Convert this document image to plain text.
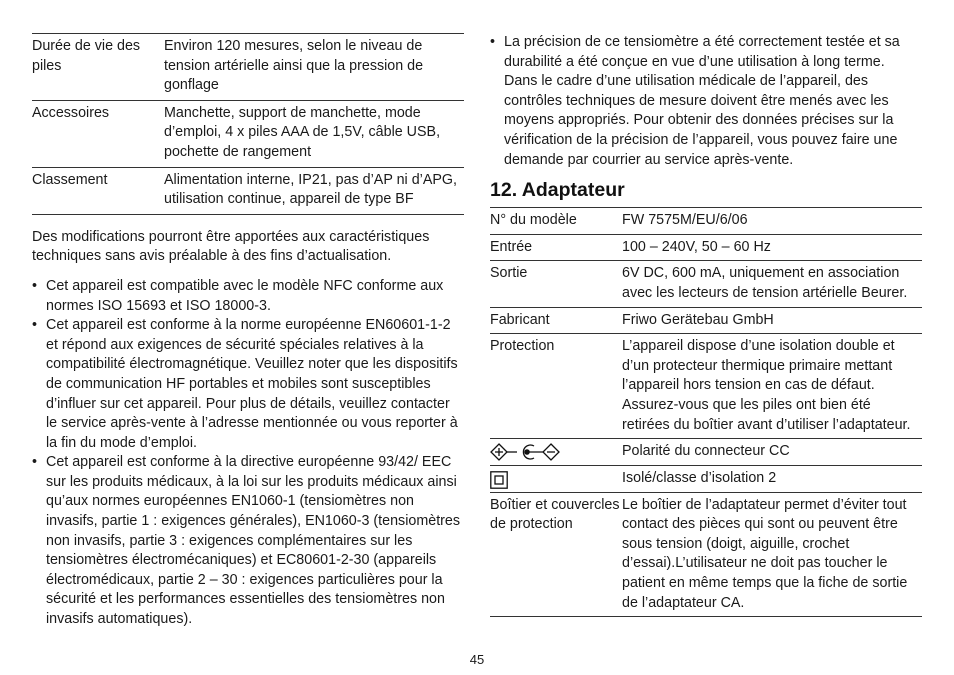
Durée de vie des piles	Environ 120 mesures, selon le niveau de tension artérielle ainsi que la pression de gonflage
Accessoires	Manchette, support de manchette, mode d’emploi, 4 x piles AAA de 1,5V, câble USB, pochette de rangement
Classement	Alimentation interne, IP21, pas d’AP ni d’APG, utilisation continue, appareil de type BF

Des modifications pourront être apportées aux caractéristiques techniques sans avis préalable à des fins d’actualisation.

• Cet appareil est compatible avec le modèle NFC conforme aux normes ISO 15693 et ISO 18000-3.
• Cet appareil est conforme à la norme européenne EN60601-1-2 et répond aux exigences de sécurité spéciales relatives à la compatibilité électromagnétique. Veuillez noter que les dispositifs de communication HF portables et mobiles sont susceptibles d’influer sur cet appareil. Pour plus de détails, veuillez contacter le service après-vente à l’adresse mentionnée ou vous reporter à la fin du mode d’emploi.
• Cet appareil est conforme à la directive européenne 93/42/ EEC sur les produits médicaux, à la loi sur les produits médicaux ainsi qu’aux normes européennes EN1060-1 (tensiomètres non invasifs, partie 1 : exigences générales), EN1060-3 (tensiomètres non invasifs, partie 3 : exigences complémentaires sur les tensiomètres électromécaniques) et EC80601-2-30 (appareils électromédicaux, partie 2 – 30 : exigences particulières pour la sécurité et les performances essentielles des tensiomètres non invasifs automatiques).
• La précision de ce tensiomètre a été correctement testée et sa durabilité a été conçue en vue d’une utilisation à long terme. Dans le cadre d’une utilisation médicale de l’appareil, des contrôles techniques de mesure doivent être menés avec les moyens appropriés. Pour obtenir des données précises sur la vérification de la précision de l’appareil, vous pouvez faire une demande par courrier au service après-vente.
12. Adaptateur
N° du modèle	FW 7575M/EU/6/06
Entrée	100 – 240V, 50 – 60 Hz
Sortie	6V DC, 600 mA, uniquement en association avec les lecteurs de tension artérielle Beurer.
Fabricant	Friwo Gerätebau GmbH
Protection	L’appareil dispose d’une isolation double et d’un protecteur thermique primaire mettant l’appareil hors tension en cas de défaut. Assurez-vous que les piles ont bien été retirées du boîtier avant d’utiliser l’adaptateur.
	Polarité du connecteur CC
	Isolé/classe d’isolation 2
Boîtier et couvercles de protection	Le boîtier de l’adaptateur permet d’éviter tout contact des pièces qui sont ou peuvent être sous tension (doigt, aiguille, crochet d’essai).L’utilisateur ne doit pas toucher le patient en même temps que la fiche de sortie de l’adaptateur CA.
45
